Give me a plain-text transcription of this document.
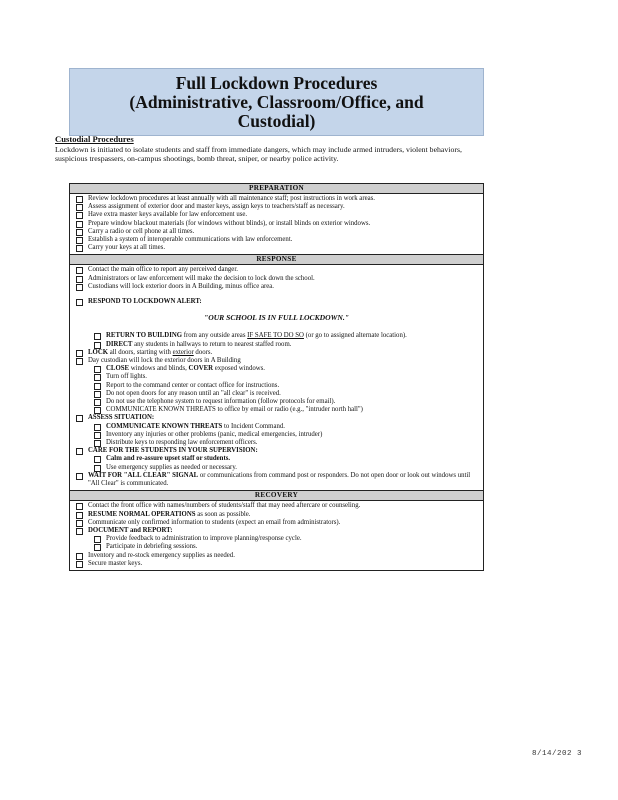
Full Lockdown Procedures
(Administrative, Classroom/Office, and
Custodial)
Custodial Procedures
Lockdown is initiated to isolate students and staff from immediate dangers, which may include armed intruders, violent behaviors, suspicious trespassers, on-campus shootings, bomb threat, sniper, or nearby police activity.
PREPARATION
Review lockdown procedures at least annually with all maintenance staff; post instructions in work areas.
Assess assignment of exterior door and master keys, assign keys to teachers/staff as necessary.
Have extra master keys available for law enforcement use.
Prepare window blackout materials (for windows without blinds), or install blinds on exterior windows.
Carry a radio or cell phone at all times.
Establish a system of interoperable communications with law enforcement.
Carry your keys at all times.
RESPONSE
Contact the main office to report any perceived danger.
Administrators or law enforcement will make the decision to lock down the school.
Custodians will lock exterior doors in A Building, minus office area.
RESPOND TO LOCKDOWN ALERT:
"OUR SCHOOL IS IN FULL LOCKDOWN."
RETURN TO BUILDING from any outside areas IF SAFE TO DO SO (or go to assigned alternate location).
DIRECT any students in hallways to return to nearest staffed room.
LOCK all doors, starting with exterior doors.
Day custodian will lock the exterior doors in A Building
CLOSE windows and blinds, COVER exposed windows.
Turn off lights.
Report to the command center or contact office for instructions.
Do not open doors for any reason until an "all clear" is received.
Do not use the telephone system to request information (follow protocols for email).
COMMUNICATE KNOWN THREATS to office by email or radio (e.g., "intruder north hall")
ASSESS SITUATION:
COMMUNICATE KNOWN THREATS to Incident Command.
Inventory any injuries or other problems (panic, medical emergencies, intruder)
Distribute keys to responding law enforcement officers.
CARE FOR THE STUDENTS IN YOUR SUPERVISION:
Calm and re-assure upset staff or students.
Use emergency supplies as needed or necessary.
WAIT FOR "ALL CLEAR" SIGNAL or communications from command post or responders. Do not open door or look out windows until "All Clear" is communicated.
RECOVERY
Contact the front office with names/numbers of students/staff that may need aftercare or counseling.
RESUME NORMAL OPERATIONS as soon as possible.
Communicate only confirmed information to students (expect an email from administrators).
DOCUMENT and REPORT:
Provide feedback to administration to improve planning/response cycle.
Participate in debriefing sessions.
Inventory and re-stock emergency supplies as needed.
Secure master keys.
8/14/202 3
